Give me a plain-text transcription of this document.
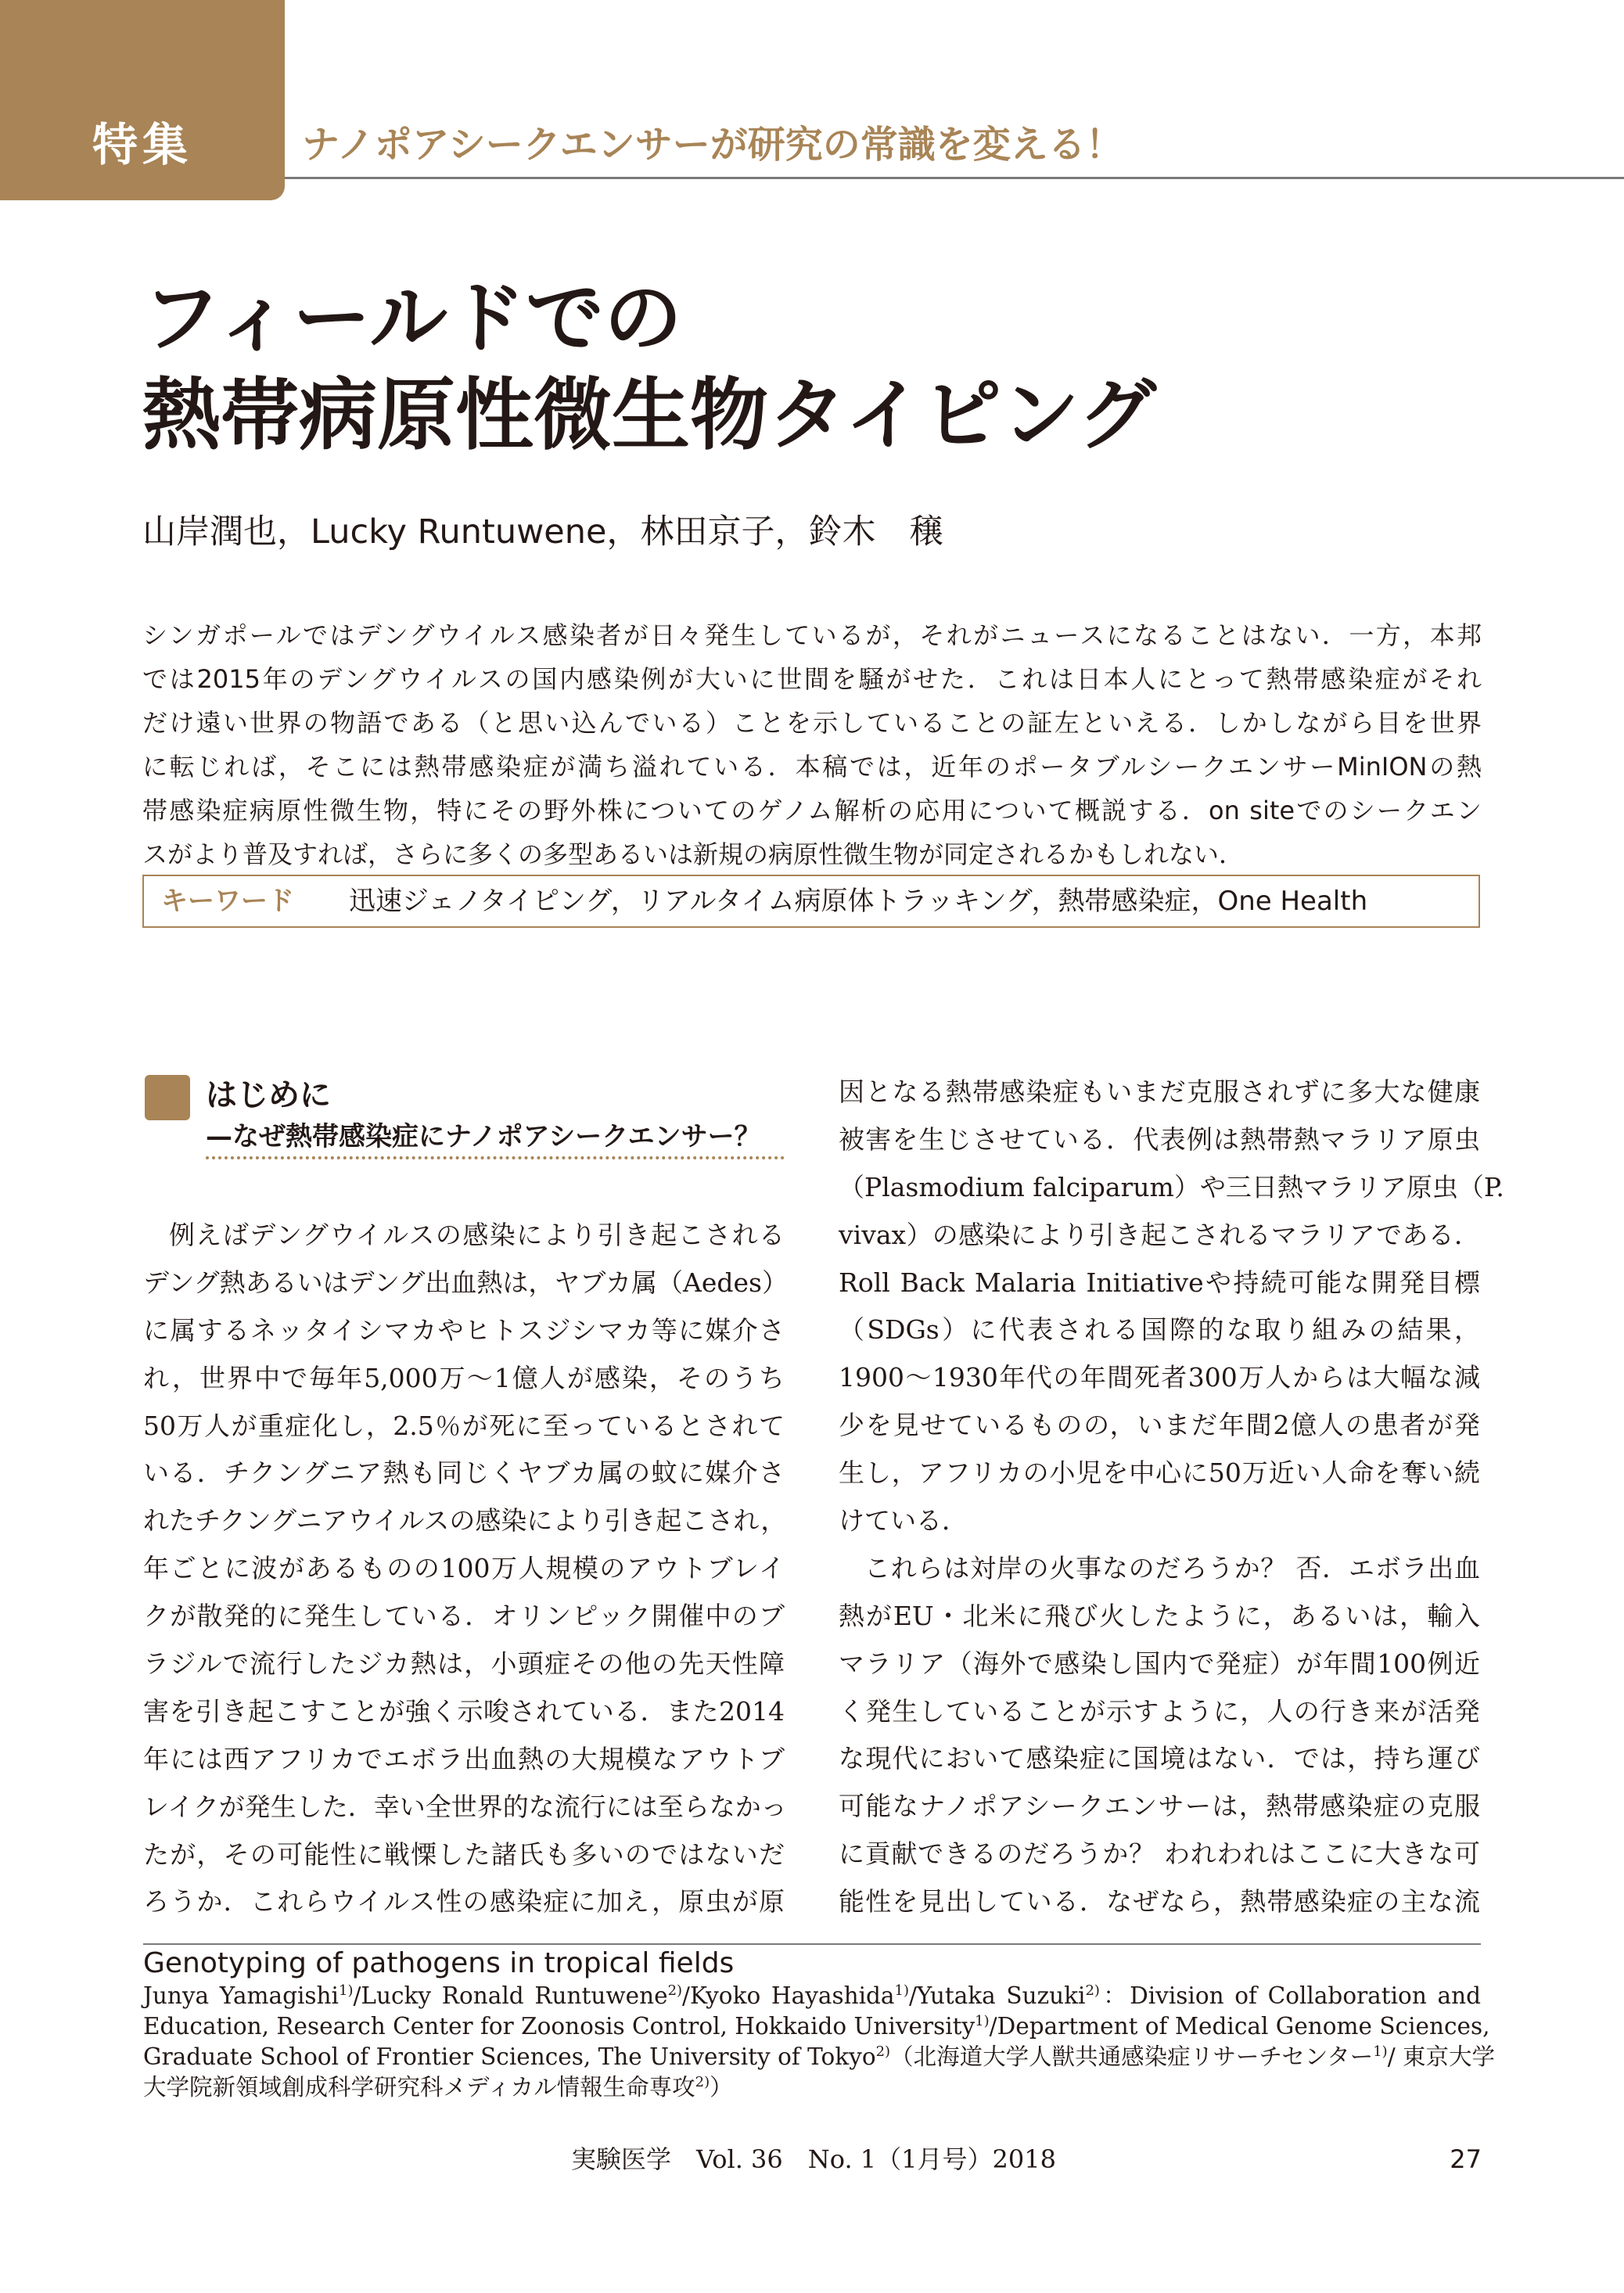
特集	ナノポアシークエンサーが研究の常識を変える！
フィールドでの
熱帯病原性微生物タイピング
山岸潤也，Lucky Runtuwene，林田京子，鈴木　穣
シンガポールではデングウイルス感染者が日々発生しているが，それがニュースになることはない．一方，本邦
では2015年のデングウイルスの国内感染例が大いに世間を騒がせた．これは日本人にとって熱帯感染症がそれ
だけ遠い世界の物語である（と思い込んでいる）ことを示していることの証左といえる．しかしながら目を世界
に転じれば，そこには熱帯感染症が満ち溢れている．本稿では，近年のポータブルシークエンサーMinIONの熱
帯感染症病原性微生物，特にその野外株についてのゲノム解析の応用について概説する．on siteでのシークエン
スがより普及すれば，さらに多くの多型あるいは新規の病原性微生物が同定されるかもしれない．
キーワード 迅速ジェノタイピング，リアルタイム病原体トラッキング，熱帯感染症，One Health
はじめに
—なぜ熱帯感染症にナノポアシークエンサー？
例えばデングウイルスの感染により引き起こされる
デング熱あるいはデング出血熱は，ヤブカ属（Aedes）
に属するネッタイシマカやヒトスジシマカ等に媒介さ
れ，世界中で毎年5,000万〜1億人が感染，そのうち
50万人が重症化し，2.5％が死に至っているとされて
いる．チクングニア熱も同じくヤブカ属の蚊に媒介さ
れたチクングニアウイルスの感染により引き起こされ，
年ごとに波があるものの100万人規模のアウトブレイ
クが散発的に発生している．オリンピック開催中のブ
ラジルで流行したジカ熱は，小頭症その他の先天性障
害を引き起こすことが強く示唆されている．また2014
年には西アフリカでエボラ出血熱の大規模なアウトブ
レイクが発生した．幸い全世界的な流行には至らなかっ
たが，その可能性に戦慄した諸氏も多いのではないだ
ろうか．これらウイルス性の感染症に加え，原虫が原
因となる熱帯感染症もいまだ克服されずに多大な健康
被害を生じさせている．代表例は熱帯熱マラリア原虫
（Plasmodium falciparum）や三日熱マラリア原虫（P.
vivax）の感染により引き起こされるマラリアである．
Roll Back Malaria Initiativeや持続可能な開発目標
（SDGs）に代表される国際的な取り組みの結果，
1900〜1930年代の年間死者300万人からは大幅な減
少を見せているものの，いまだ年間2億人の患者が発
生し，アフリカの小児を中心に50万近い人命を奪い続
けている．
これらは対岸の火事なのだろうか？ 否．エボラ出血
熱がEU・北米に飛び火したように，あるいは，輸入
マラリア（海外で感染し国内で発症）が年間100例近
く発生していることが示すように，人の行き来が活発
な現代において感染症に国境はない．では，持ち運び
可能なナノポアシークエンサーは，熱帯感染症の克服
に貢献できるのだろうか？ われわれはここに大きな可
能性を見出している．なぜなら，熱帯感染症の主な流
Genotyping of pathogens in tropical fields
Junya Yamagishi$^{1)}$/Lucky Ronald Runtuwene$^{2)}$/Kyoko Hayashida$^{1)}$/Yutaka Suzuki$^{2)}$：Division of Collaboration and
Education, Research Center for Zoonosis Control, Hokkaido University$^{1)}$/Department of Medical Genome Sciences,
Graduate School of Frontier Sciences, The University of Tokyo$^{2)}$（北海道大学人獣共通感染症リサーチセンター$^{1)}$/ 東京大学
大学院新領域創成科学研究科メディカル情報生命専攻$^{2)}$）
実験医学　Vol. 36　No. 1（1月号）2018	27
